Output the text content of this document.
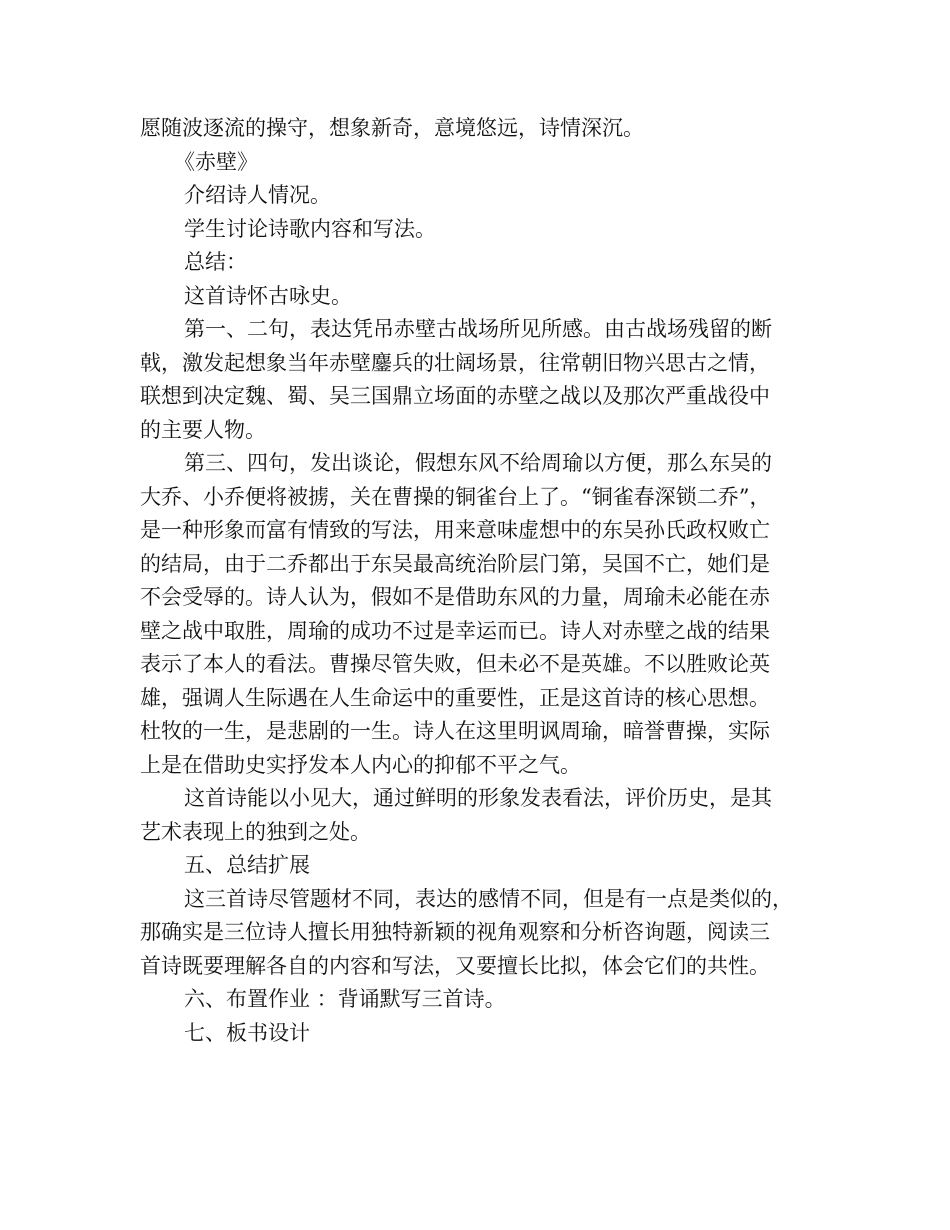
愿随波逐流的操守，想象新奇，意境悠远，诗情深沉。
《赤壁》
介绍诗人情况。
学生讨论诗歌内容和写法。
总结：
这首诗怀古咏史。
第一、二句，表达凭吊赤壁古战场所见所感。由古战场残留的断
戟，激发起想象当年赤壁鏖兵的壮阔场景，往常朝旧物兴思古之情，
联想到决定魏、蜀、吴三国鼎立场面的赤壁之战以及那次严重战役中
的主要人物。
第三、四句，发出谈论，假想东风不给周瑜以方便，那么东吴的
大乔、小乔便将被掳，关在曹操的铜雀台上了。“铜雀春深锁二乔”，
是一种形象而富有情致的写法，用来意味虚想中的东吴孙氏政权败亡
的结局，由于二乔都出于东吴最高统治阶层门第，吴国不亡，她们是
不会受辱的。诗人认为，假如不是借助东风的力量，周瑜未必能在赤
壁之战中取胜，周瑜的成功不过是幸运而已。诗人对赤壁之战的结果
表示了本人的看法。曹操尽管失败，但未必不是英雄。不以胜败论英
雄，强调人生际遇在人生命运中的重要性，正是这首诗的核心思想。
杜牧的一生，是悲剧的一生。诗人在这里明讽周瑜，暗誉曹操，实际
上是在借助史实抒发本人内心的抑郁不平之气。
这首诗能以小见大，通过鲜明的形象发表看法，评价历史，是其
艺术表现上的独到之处。
五、总结扩展
这三首诗尽管题材不同，表达的感情不同，但是有一点是类似的，
那确实是三位诗人擅长用独特新颖的视角观察和分析咨询题，阅读三
首诗既要理解各自的内容和写法，又要擅长比拟，体会它们的共性。
六、布置作业 ：背诵默写三首诗。
七、板书设计
